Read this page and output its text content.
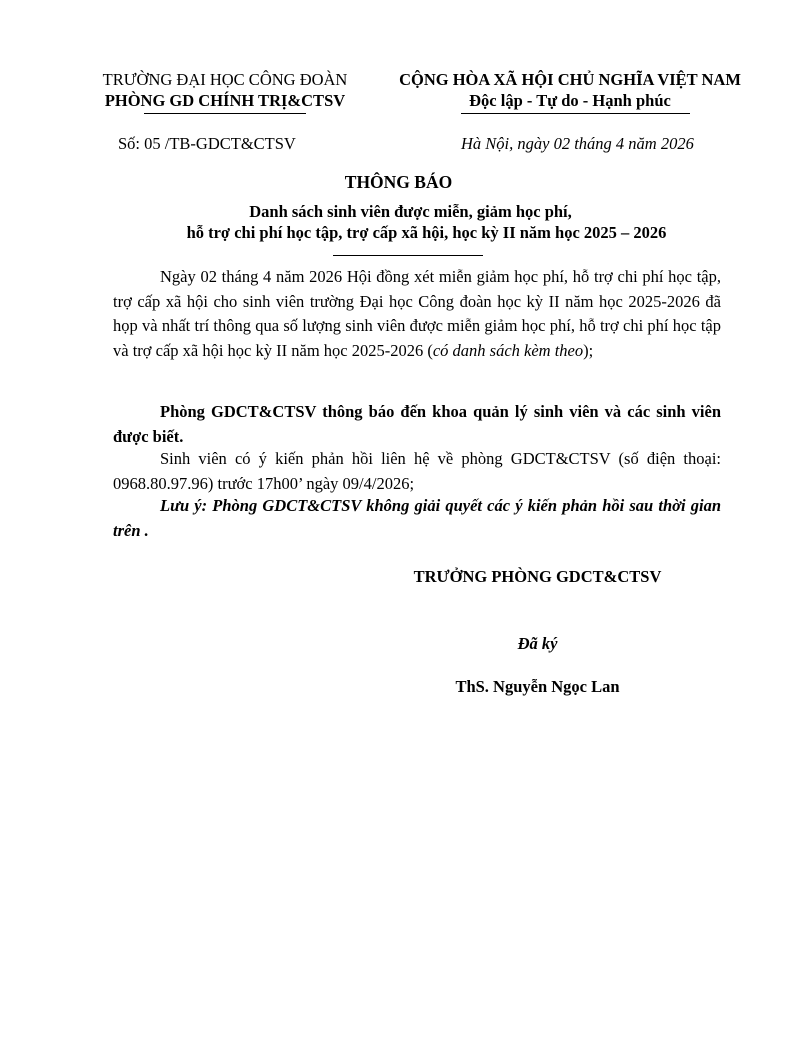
TRƯỜNG ĐẠI HỌC CÔNG ĐOÀN
PHÒNG GD CHÍNH TRỊ&CTSV
CỘNG HÒA XÃ HỘI CHỦ NGHĨA VIỆT NAM
Độc lập - Tự do - Hạnh phúc
Số: 05 /TB-GDCT&CTSV	Hà Nội, ngày 02 tháng 4 năm 2026
THÔNG BÁO
Danh sách sinh viên được miễn, giảm học phí,
hỗ trợ chi phí học tập, trợ cấp xã hội, học kỳ II năm học 2025 – 2026
Ngày 02 tháng 4 năm 2026 Hội đồng xét miễn giảm học phí, hỗ trợ chi phí học tập, trợ cấp xã hội cho sinh viên trường Đại học Công đoàn học kỳ II năm học 2025-2026 đã họp và nhất trí thông qua số lượng sinh viên được miễn giảm học phí, hỗ trợ chi phí học tập và trợ cấp xã hội học kỳ II năm học 2025-2026 (có danh sách kèm theo);
Phòng GDCT&CTSV thông báo đến khoa quản lý sinh viên và các sinh viên được biết.
Sinh viên có ý kiến phản hồi liên hệ về phòng GDCT&CTSV (số điện thoại: 0968.80.97.96) trước 17h00’ ngày 09/4/2026;
Lưu ý: Phòng GDCT&CTSV không giải quyết các ý kiến phản hồi sau thời gian trên .
TRƯỞNG PHÒNG GDCT&CTSV
Đã ký
ThS. Nguyễn Ngọc Lan
